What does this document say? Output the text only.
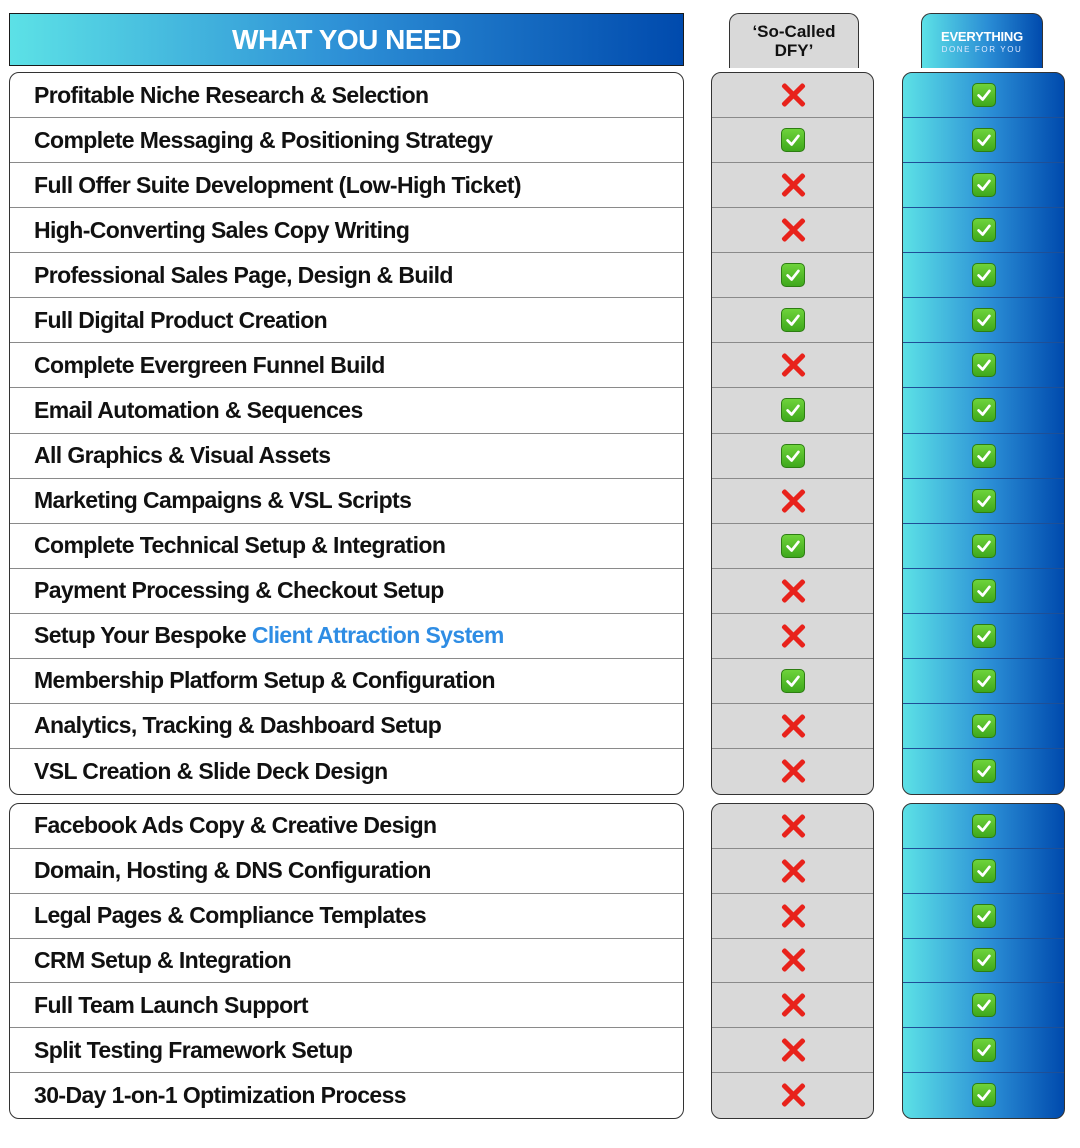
WHAT YOU NEED	‘So-Called
DFY’
EVERYTHING
DONE FOR YOU
Profitable Niche Research & Selection
Complete Messaging & Positioning Strategy
Full Offer Suite Development (Low-High Ticket)
High-Converting Sales Copy Writing
Professional Sales Page, Design & Build
Full Digital Product Creation
Complete Evergreen Funnel Build
Email Automation & Sequences
All Graphics & Visual Assets
Marketing Campaigns & VSL Scripts
Complete Technical Setup & Integration
Payment Processing & Checkout Setup
Setup Your Bespoke Client Attraction System
Membership Platform Setup & Configuration
Analytics, Tracking & Dashboard Setup
VSL Creation & Slide Deck Design
Facebook Ads Copy & Creative Design
Domain, Hosting & DNS Configuration
Legal Pages & Compliance Templates
CRM Setup & Integration
Full Team Launch Support
Split Testing Framework Setup
30-Day 1-on-1 Optimization Process
